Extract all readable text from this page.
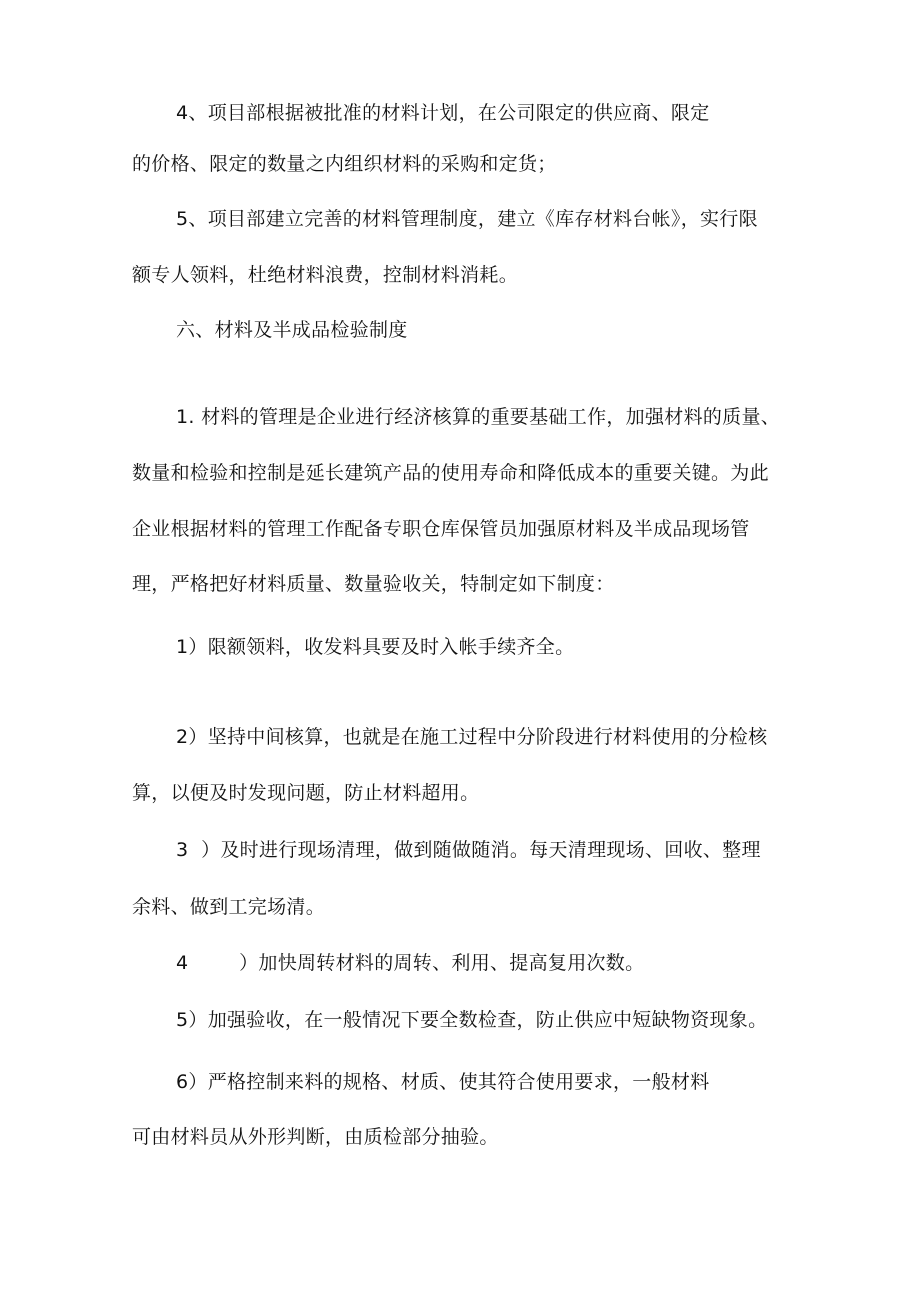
4、项目部根据被批准的材料计划，在公司限定的供应商、限定
的价格、限定的数量之内组织材料的采购和定货；
5、项目部建立完善的材料管理制度，建立《库存材料台帐》，实行限
额专人领料，杜绝材料浪费，控制材料消耗。
六、材料及半成品检验制度
1. 材料的管理是企业进行经济核算的重要基础工作，加强材料的质量、
数量和检验和控制是延长建筑产品的使用寿命和降低成本的重要关键。为此
企业根据材料的管理工作配备专职仓库保管员加强原材料及半成品现场管
理，严格把好材料质量、数量验收关，特制定如下制度：
1）限额领料，收发料具要及时入帐手续齐全。
2）坚持中间核算，也就是在施工过程中分阶段进行材料使用的分检核
算，以便及时发现问题，防止材料超用。
3  ）及时进行现场清理，做到随做随消。每天清理现场、回收、整理
余料、做到工完场清。
4        ）加快周转材料的周转、利用、提高复用次数。
5）加强验收，在一般情况下要全数检查，防止供应中短缺物资现象。
6）严格控制来料的规格、材质、使其符合使用要求，一般材料
可由材料员从外形判断，由质检部分抽验。
